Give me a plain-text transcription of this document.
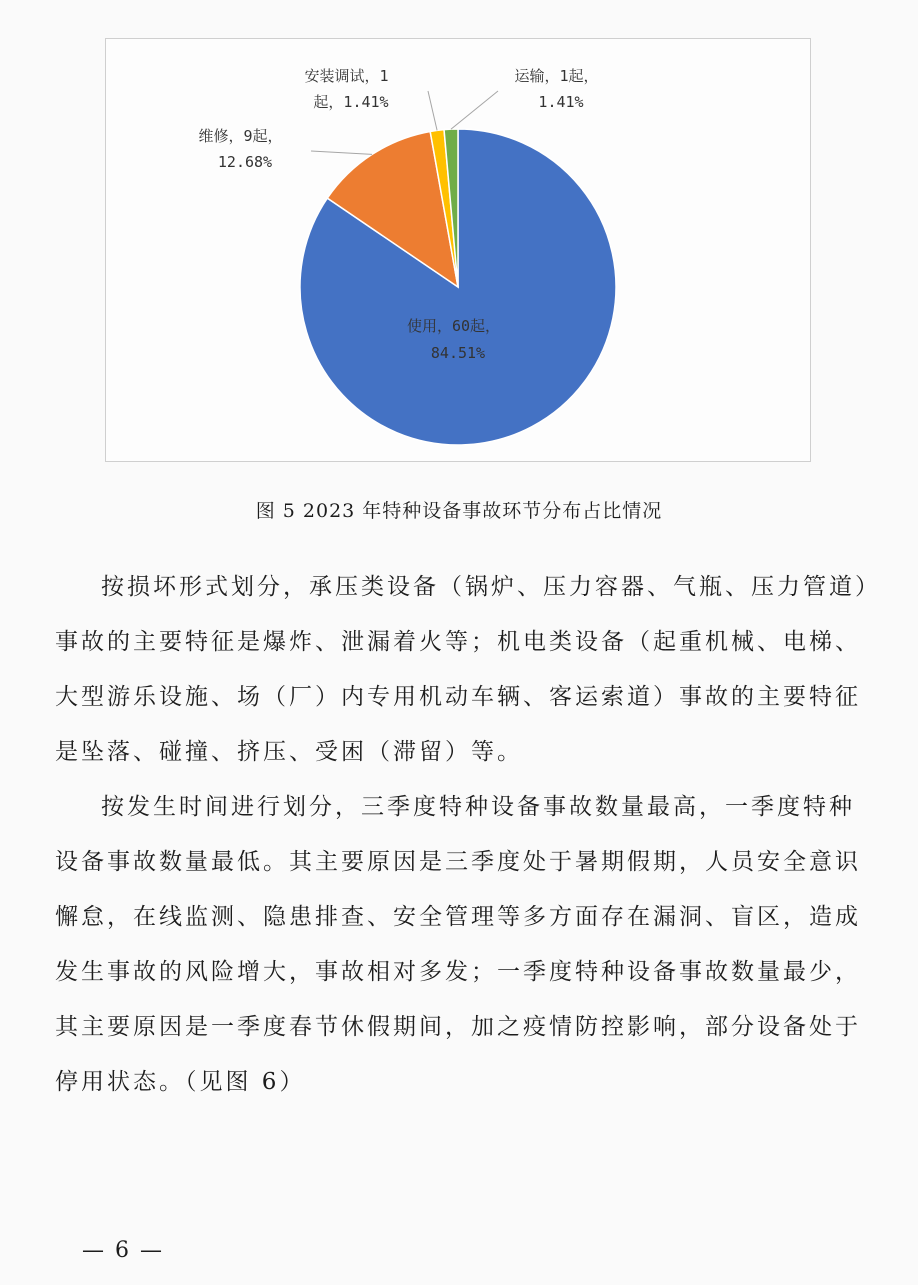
使用，60起， 84.51%
维修，9起， 12.68%
安装调试，1 起，1.41%
运输，1起， 1.41%
图 5 2023 年特种设备事故环节分布占比情况

按损坏形式划分，承压类设备（锅炉、压力容器、气瓶、压力管道）事故的主要特征是爆炸、泄漏着火等；机电类设备（起重机械、电梯、大型游乐设施、场（厂）内专用机动车辆、客运索道）事故的主要特征是坠落、碰撞、挤压、受困（滞留）等。

按发生时间进行划分，三季度特种设备事故数量最高，一季度特种设备事故数量最低。其主要原因是三季度处于暑期假期，人员安全意识懈怠，在线监测、隐患排查、安全管理等多方面存在漏洞、盲区，造成发生事故的风险增大，事故相对多发；一季度特种设备事故数量最少，其主要原因是一季度春节休假期间，加之疫情防控影响，部分设备处于停用状态。（见图 6）

— 6 —
